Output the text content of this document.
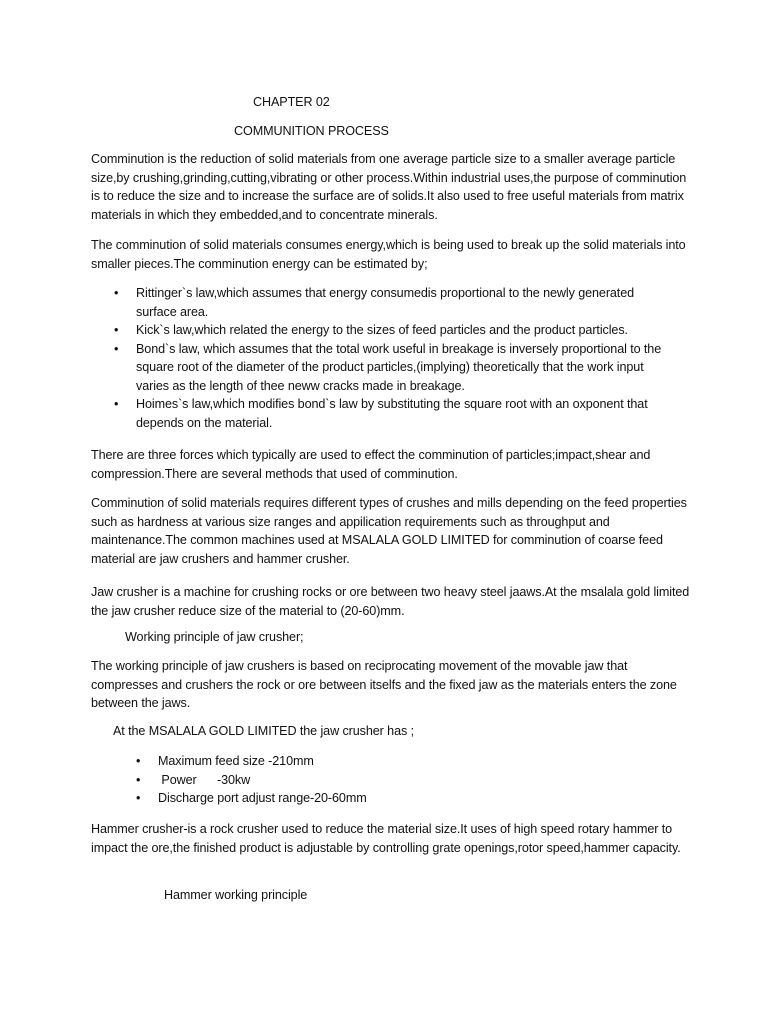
CHAPTER 02
COMMUNITION PROCESS
Comminution is the reduction of solid materials from one average particle size to a smaller average particle size,by crushing,grinding,cutting,vibrating or other process.Within industrial uses,the purpose of comminution is to reduce the size and to increase the surface are of solids.It also used to free useful materials from matrix materials in which they embedded,and to concentrate minerals.
The comminution of solid materials consumes energy,which is being used to break up the solid materials into smaller pieces.The comminution energy can be estimated by;
• Rittinger`s law,which assumes that energy consumedis proportional to the newly generated surface area.
• Kick`s law,which related the energy to the sizes of feed particles and the product particles.
• Bond`s law, which assumes that the total work useful in breakage is inversely proportional to the square root of the diameter of the product particles,(implying) theoretically that the work input varies as the length of thee neww cracks made in breakage.
• Hoimes`s law,which modifies bond`s law by substituting the square root with an oxponent that depends on the material.
There are three forces which typically are used to effect the comminution of particles;impact,shear and compression.There are several methods that used of comminution.
Comminution of solid materials requires different types of crushes and mills depending on the feed properties such as hardness at various size ranges and appilication requirements such as throughput and maintenance.The common machines used at MSALALA GOLD LIMITED for comminution of coarse feed material are jaw crushers and hammer crusher.
Jaw crusher is a machine for crushing rocks or ore between two heavy steel jaaws.At the msalala gold limited the jaw crusher reduce size of the material to (20-60)mm.
Working principle of jaw crusher;
The working principle of jaw crushers is based on reciprocating movement of the movable jaw that compresses and crushers the rock or ore between itselfs and the fixed jaw as the materials enters the zone between the jaws.
At the MSALALA GOLD LIMITED the jaw crusher has ;
• Maximum feed size -210mm
• Power      -30kw
• Discharge port adjust range-20-60mm
Hammer crusher-is a rock crusher used to reduce the material size.It uses of high speed rotary hammer to impact the ore,the finished product is adjustable by controlling grate openings,rotor speed,hammer capacity.
Hammer working principle
